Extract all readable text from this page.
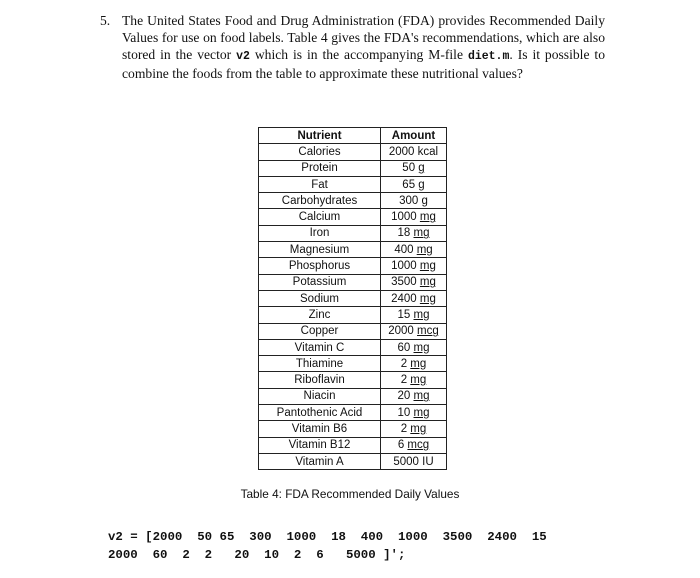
5. The United States Food and Drug Administration (FDA) provides Recommended Daily Values for use on food labels. Table 4 gives the FDA's recommendations, which are also stored in the vector v2 which is in the accompanying M-file diet.m. Is it possible to combine the foods from the table to approximate these nutritional values?
Nutrient	Amount
Calories	2000 kcal
Protein	50 g
Fat	65 g
Carbohydrates	300 g
Calcium	1000 mg
Iron	18 mg
Magnesium	400 mg
Phosphorus	1000 mg
Potassium	3500 mg
Sodium	2400 mg
Zinc	15 mg
Copper	2000 mcg
Vitamin C	60 mg
Thiamine	2 mg
Riboflavin	2 mg
Niacin	20 mg
Pantothenic Acid	10 mg
Vitamin B6	2 mg
Vitamin B12	6 mcg
Vitamin A	5000 IU
Table 4: FDA Recommended Daily Values
v2 = [2000  50 65  300  1000  18  400  1000  3500  2400  15
2000  60  2  2   20  10  2  6   5000 ]';
